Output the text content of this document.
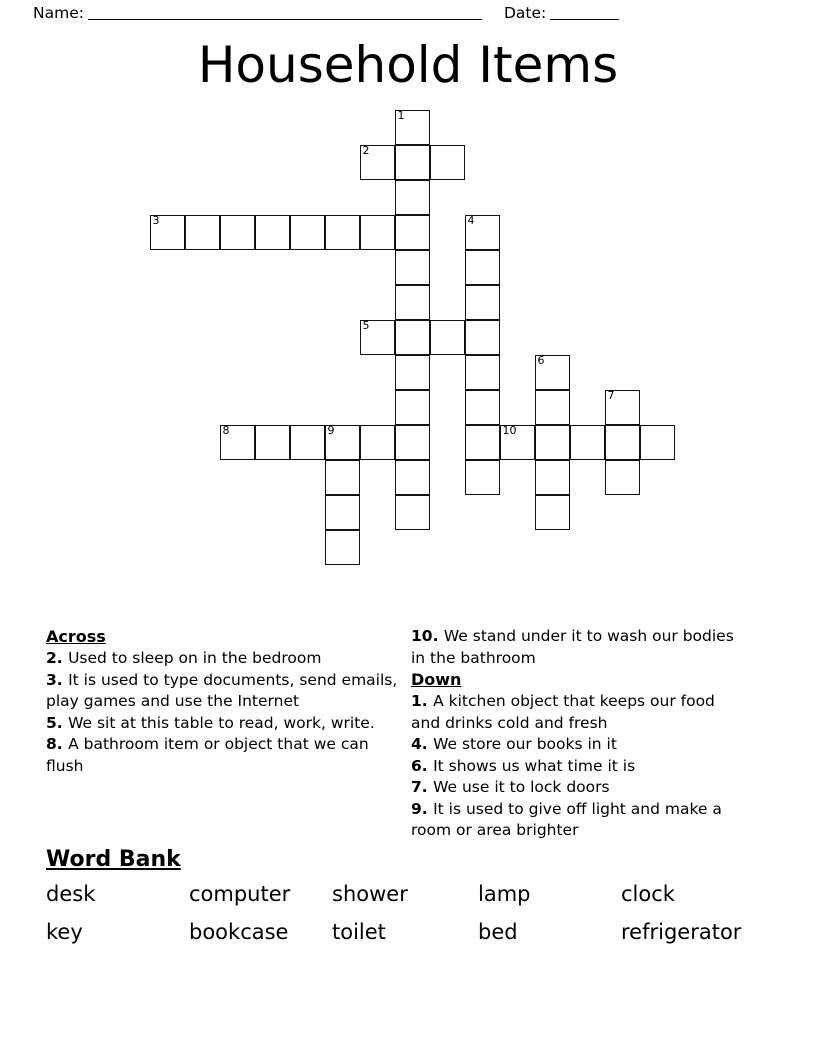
Name:	Date:
Household Items
1
2
3	4
5
6
7
8	9	10
Across
2. Used to sleep on in the bedroom
3. It is used to type documents, send emails, play games and use the Internet
5. We sit at this table to read, work, write.
8. A bathroom item or object that we can flush
10. We stand under it to wash our bodies in the bathroom
Down
1. A kitchen object that keeps our food and drinks cold and fresh
4. We store our books in it
6. It shows us what time it is
7. We use it to lock doors
9. It is used to give off light and make a room or area brighter
Word Bank
desk	computer	shower	lamp	clock
key	bookcase	toilet	bed	refrigerator
